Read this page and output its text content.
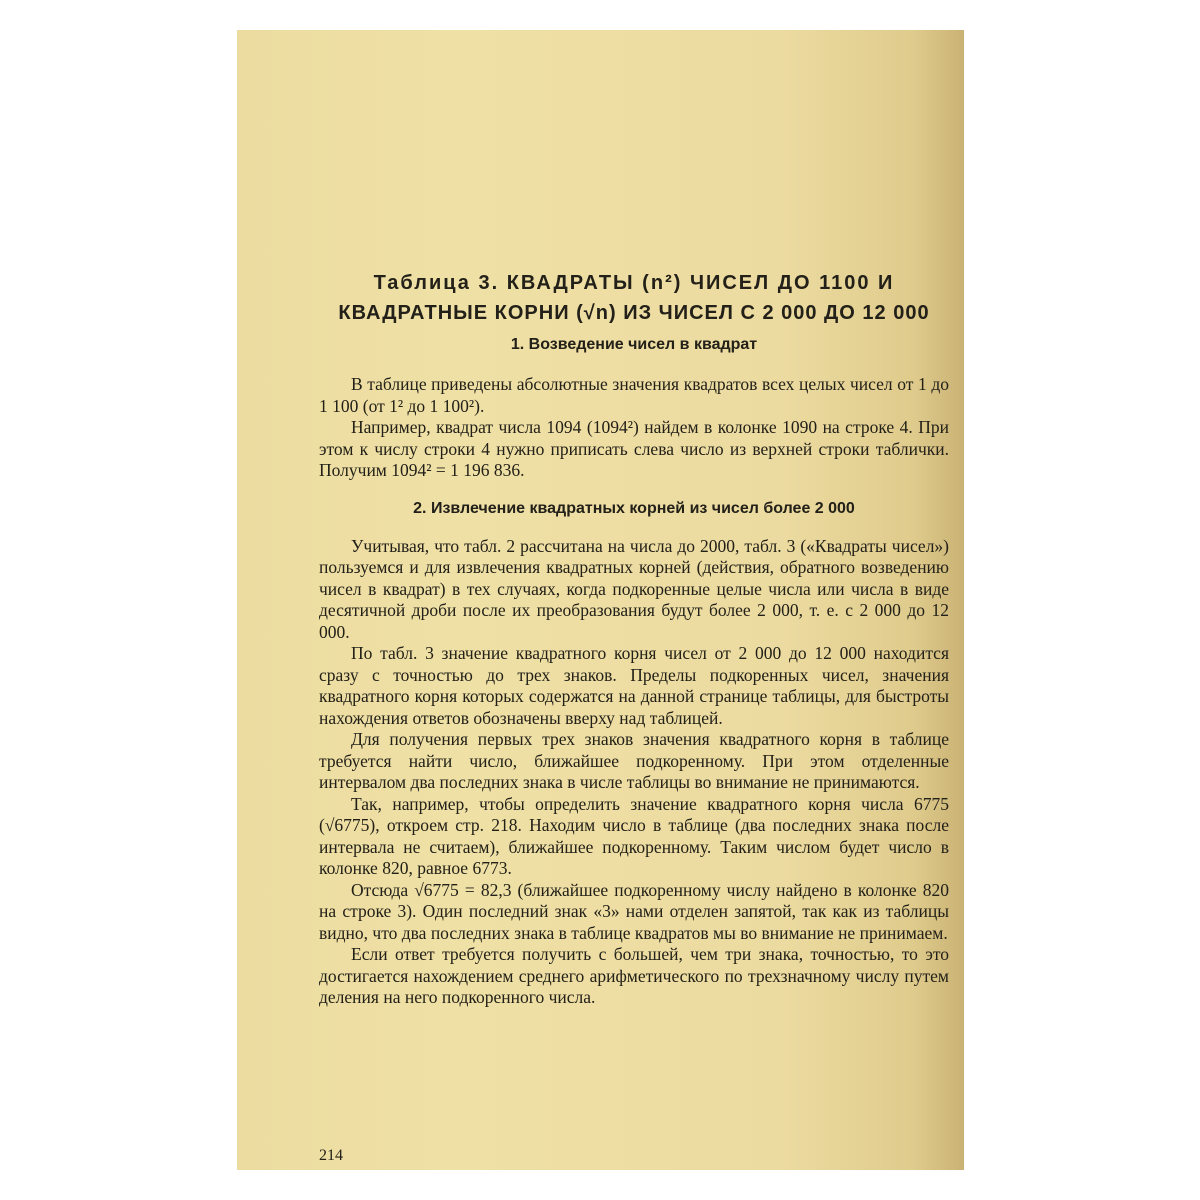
Таблица 3. КВАДРАТЫ (n²) ЧИСЕЛ ДО 1100 И
КВАДРАТНЫЕ КОРНИ (√n) ИЗ ЧИСЕЛ С 2 000 ДО 12 000
1. Возведение чисел в квадрат

В таблице приведены абсолютные значения квадратов всех целых чисел от 1 до 1 100 (от 1² до 1 100²).

Например, квадрат числа 1094 (1094²) найдем в колонке 1090 на строке 4. При этом к числу строки 4 нужно приписать слева число из верхней строки таблички. Получим 1094² = 1 196 836.

2. Извлечение квадратных корней из чисел более 2 000

Учитывая, что табл. 2 рассчитана на числа до 2000, табл. 3 («Квадраты чисел») пользуемся и для извлечения квадратных корней (действия, обратного возведению чисел в квадрат) в тех случаях, когда подкоренные целые числа или числа в виде десятичной дроби после их преобразования будут более 2 000, т. е. с 2 000 до 12 000.

По табл. 3 значение квадратного корня чисел от 2 000 до 12 000 находится сразу с точностью до трех знаков. Пределы подкоренных чисел, значения квадратного корня которых содержатся на данной странице таблицы, для быстроты нахождения ответов обозначены вверху над таблицей.

Для получения первых трех знаков значения квадратного корня в таблице требуется найти число, ближайшее подкоренному. При этом отделенные интервалом два последних знака в числе таблицы во внимание не принимаются.

Так, например, чтобы определить значение квадратного корня числа 6775 (√6775), откроем стр. 218. Находим число в таблице (два последних знака после интервала не считаем), ближайшее подкоренному. Таким числом будет число в колонке 820, равное 6773.

Отсюда √6775 = 82,3 (ближайшее подкоренному числу найдено в колонке 820 на строке 3). Один последний знак «3» нами отделен запятой, так как из таблицы видно, что два последних знака в таблице квадратов мы во внимание не принимаем.

Если ответ требуется получить с большей, чем три знака, точностью, то это достигается нахождением среднего арифметического по трехзначному числу путем деления на него подкоренного числа.

214
